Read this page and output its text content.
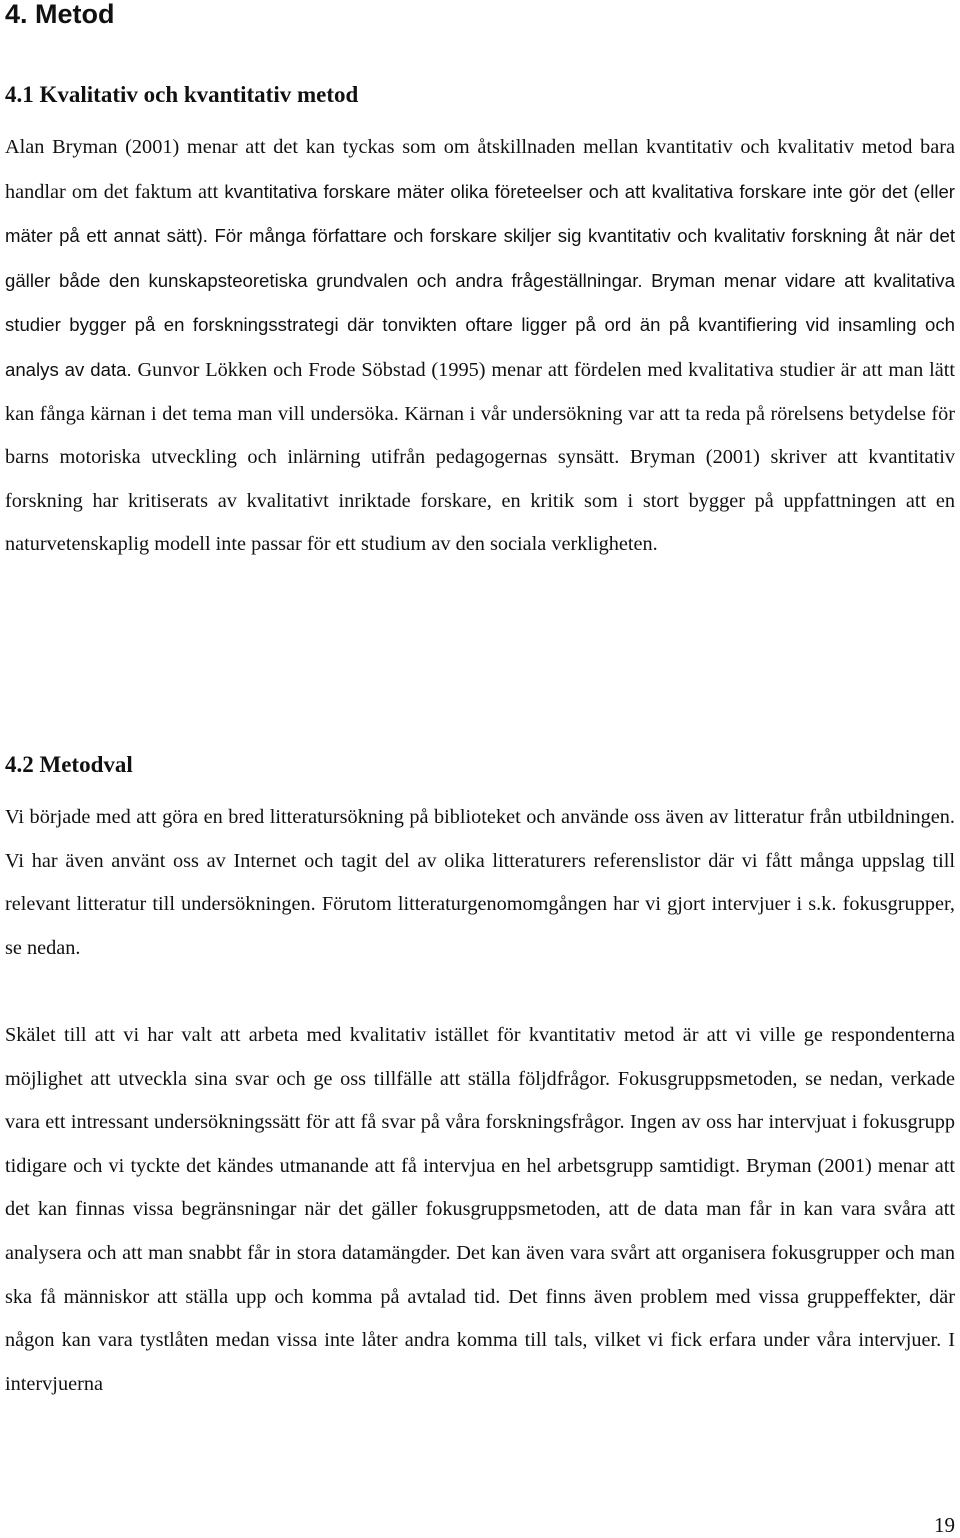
4. Metod
4.1 Kvalitativ och kvantitativ metod

Alan Bryman (2001) menar att det kan tyckas som om åtskillnaden mellan kvantitativ och kvalitativ metod bara handlar om det faktum att kvantitativa forskare mäter olika företeelser och att kvalitativa forskare inte gör det (eller mäter på ett annat sätt). För många författare och forskare skiljer sig kvantitativ och kvalitativ forskning åt när det gäller både den kunskapsteoretiska grundvalen och andra frågeställningar. Bryman menar vidare att kvalitativa studier bygger på en forskningsstrategi där tonvikten oftare ligger på ord än på kvantifiering vid insamling och analys av data. Gunvor Lökken och Frode Söbstad (1995) menar att fördelen med kvalitativa studier är att man lätt kan fånga kärnan i det tema man vill undersöka. Kärnan i vår undersökning var att ta reda på rörelsens betydelse för barns motoriska utveckling och inlärning utifrån pedagogernas synsätt. Bryman (2001) skriver att kvantitativ forskning har kritiserats av kvalitativt inriktade forskare, en kritik som i stort bygger på uppfattningen att en naturvetenskaplig modell inte passar för ett studium av den sociala verkligheten.

4.2 Metodval

Vi började med att göra en bred litteratursökning på biblioteket och använde oss även av litteratur från utbildningen. Vi har även använt oss av Internet och tagit del av olika litteraturers referenslistor där vi fått många uppslag till relevant litteratur till undersökningen. Förutom litteraturgenomomgången har vi gjort intervjuer i s.k. fokusgrupper, se nedan.

Skälet till att vi har valt att arbeta med kvalitativ istället för kvantitativ metod är att vi ville ge respondenterna möjlighet att utveckla sina svar och ge oss tillfälle att ställa följdfrågor. Fokusgruppsmetoden, se nedan, verkade vara ett intressant undersökningssätt för att få svar på våra forskningsfrågor. Ingen av oss har intervjuat i fokusgrupp tidigare och vi tyckte det kändes utmanande att få intervjua en hel arbetsgrupp samtidigt. Bryman (2001) menar att det kan finnas vissa begränsningar när det gäller fokusgruppsmetoden, att de data man får in kan vara svåra att analysera och att man snabbt får in stora datamängder. Det kan även vara svårt att organisera fokusgrupper och man ska få människor att ställa upp och komma på avtalad tid. Det finns även problem med vissa gruppeffekter, där någon kan vara tystlåten medan vissa inte låter andra komma till tals, vilket vi fick erfara under våra intervjuer. I intervjuerna

19
